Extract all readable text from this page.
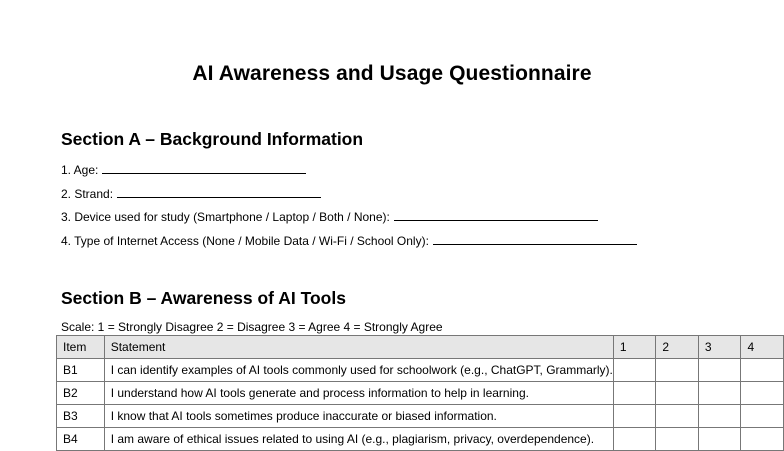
AI Awareness and Usage Questionnaire
Section A – Background Information
1. Age:
2. Strand:
3. Device used for study (Smartphone / Laptop / Both / None):
4. Type of Internet Access (None / Mobile Data / Wi-Fi / School Only):
Section B – Awareness of AI Tools
Scale: 1 = Strongly Disagree 2 = Disagree 3 = Agree 4 = Strongly Agree
Item	Statement	1	2	3	4
B1	I can identify examples of AI tools commonly used for schoolwork (e.g., ChatGPT, Grammarly).				
B2	I understand how AI tools generate and process information to help in learning.				
B3	I know that AI tools sometimes produce inaccurate or biased information.				
B4	I am aware of ethical issues related to using AI (e.g., plagiarism, privacy, overdependence).				
